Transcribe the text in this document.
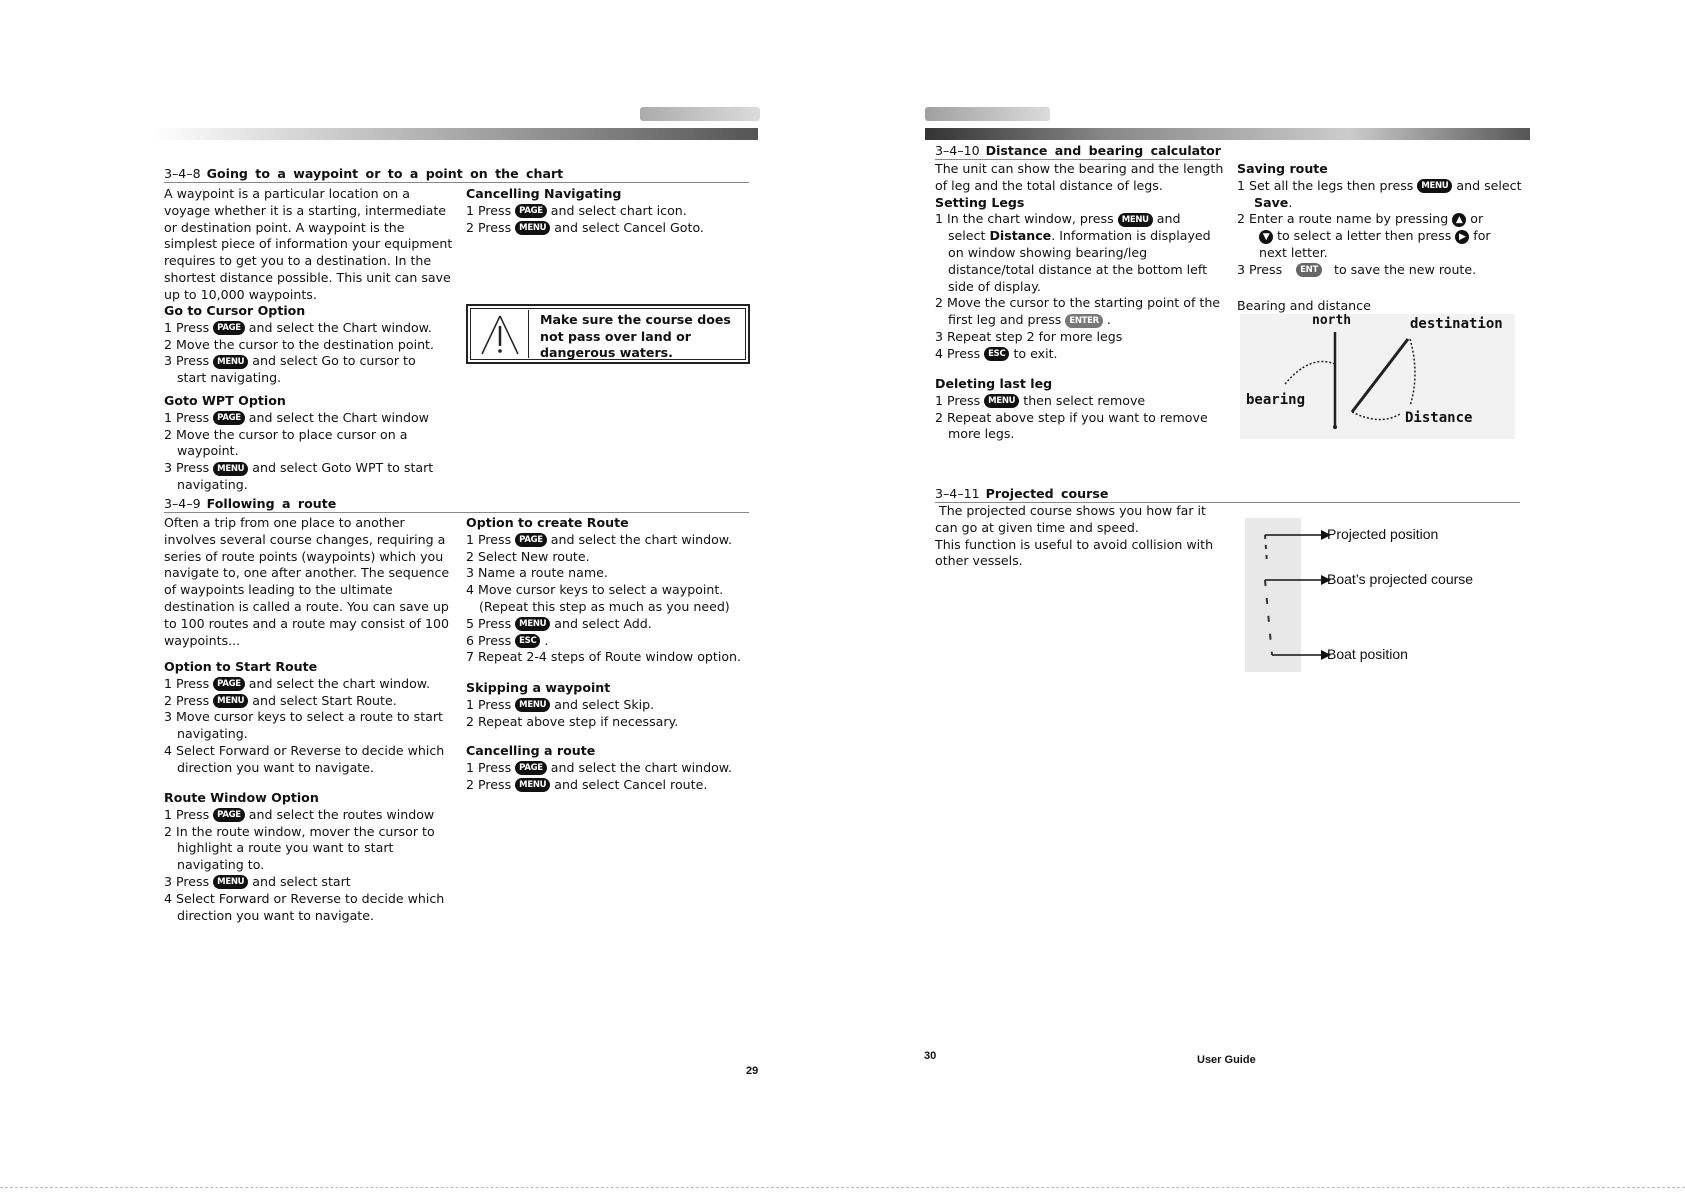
3–4–8 Going to a waypoint or to a point on the chart
A waypoint is a particular location on a
voyage whether it is a starting, intermediate
or destination point. A waypoint is the
simplest piece of information your equipment
requires to get you to a destination. In the
shortest distance possible. This unit can save
up to 10,000 waypoints.
Go to Cursor Option
1 Press PAGE and select the Chart window.
2 Move the cursor to the destination point.
3 Press MENU and select Go to cursor to
start navigating.
Goto WPT Option
1 Press PAGE and select the Chart window
2 Move the cursor to place cursor on a
waypoint.
3 Press MENU and select Goto WPT to start
navigating.
Cancelling Navigating
1 Press PAGE and select chart icon.
2 Press MENU and select Cancel Goto.
Make sure the course does
not pass over land or
dangerous waters.
3–4–9 Following a route
Often a trip from one place to another
involves several course changes, requiring a
series of route points (waypoints) which you
navigate to, one after another. The sequence
of waypoints leading to the ultimate
destination is called a route. You can save up
to 100 routes and a route may consist of 100
waypoints...
Option to Start Route
1 Press PAGE and select the chart window.
2 Press MENU and select Start Route.
3 Move cursor keys to select a route to start
navigating.
4 Select Forward or Reverse to decide which
direction you want to navigate.
Route Window Option
1 Press PAGE and select the routes window
2 In the route window, mover the cursor to
highlight a route you want to start
navigating to.
3 Press MENU and select start
4 Select Forward or Reverse to decide which
direction you want to navigate.
Option to create Route
1 Press PAGE and select the chart window.
2 Select New route.
3 Name a route name.
4 Move cursor keys to select a waypoint.
(Repeat this step as much as you need)
5 Press MENU and select Add.
6 Press ESC .
7 Repeat 2-4 steps of Route window option.
Skipping a waypoint
1 Press MENU and select Skip.
2 Repeat above step if necessary.
Cancelling a route
1 Press PAGE and select the chart window.
2 Press MENU and select Cancel route.
29
3–4–10 Distance and bearing calculator
The unit can show the bearing and the length
of leg and the total distance of legs.
Setting Legs
1 In the chart window, press MENU and
select Distance. Information is displayed
on window showing bearing/leg
distance/total distance at the bottom left
side of display.
2 Move the cursor to the starting point of the
first leg and press ENTER .
3 Repeat step 2 for more legs
4 Press ESC to exit.
Deleting last leg
1 Press MENU then select remove
2 Repeat above step if you want to remove
more legs.
Saving route
1 Set all the legs then press MENU and select
Save.
2 Enter a route name by pressing ▲ or
▼ to select a letter then press ▶ for
next letter.
3 Press ENT to save the new route.
Bearing and distance
north	destination
bearing
Distance
3–4–11 Projected course
The projected course shows you how far it
can go at given time and speed.
This function is useful to avoid collision with
other vessels.
Projected position
Boat’s projected course
Boat position
30	User Guide
